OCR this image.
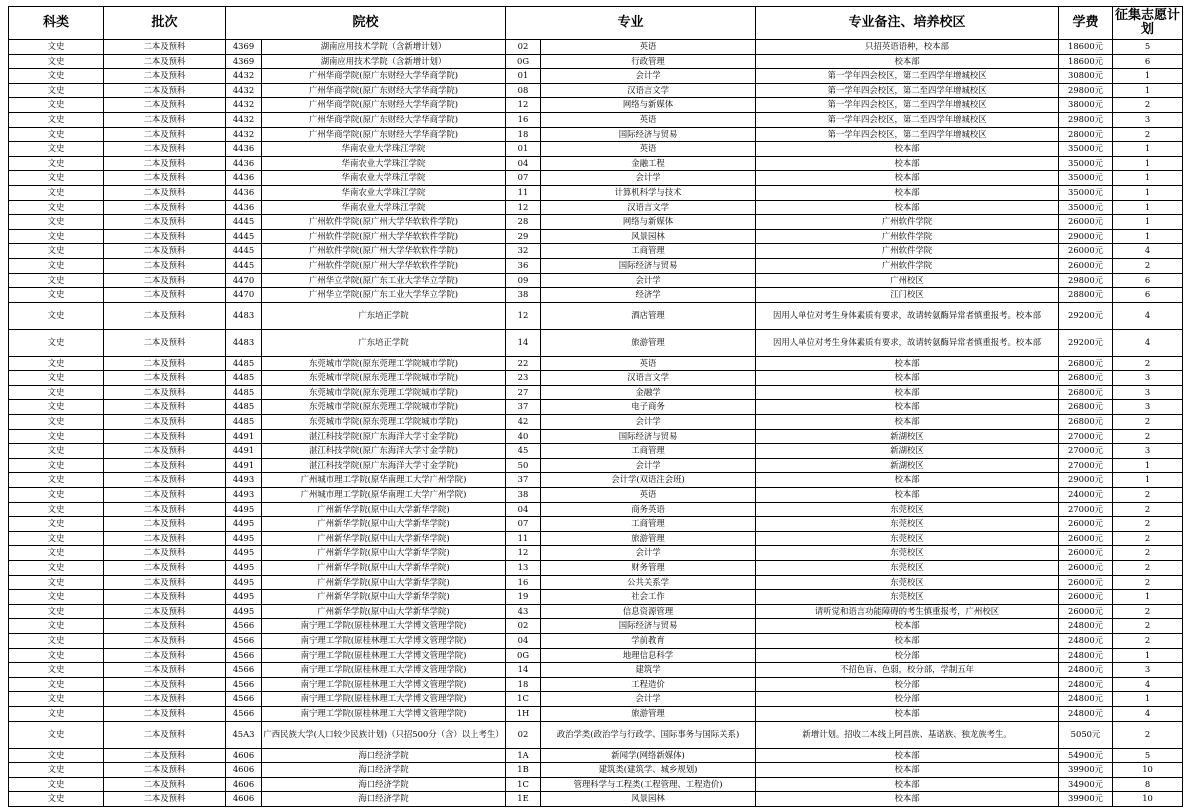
科类	批次	院校		专业		专业备注、培养校区	学费	征集志愿计划
文史	二本及预科	4369	湖南应用技术学院（含新增计划）	02	英语	只招英语语种，校本部	18600元	5
文史	二本及预科	4369	湖南应用技术学院（含新增计划）	0G	行政管理	校本部	18600元	6
文史	二本及预科	4432	广州华商学院(原广东财经大学华商学院)	01	会计学	第一学年四会校区，第二至四学年增城校区	30800元	1
文史	二本及预科	4432	广州华商学院(原广东财经大学华商学院)	08	汉语言文学	第一学年四会校区，第二至四学年增城校区	29800元	1
文史	二本及预科	4432	广州华商学院(原广东财经大学华商学院)	12	网络与新媒体	第一学年四会校区，第二至四学年增城校区	38000元	2
文史	二本及预科	4432	广州华商学院(原广东财经大学华商学院)	16	英语	第一学年四会校区，第二至四学年增城校区	29800元	3
文史	二本及预科	4432	广州华商学院(原广东财经大学华商学院)	18	国际经济与贸易	第一学年四会校区，第二至四学年增城校区	28000元	2
文史	二本及预科	4436	华南农业大学珠江学院	01	英语	校本部	35000元	1
文史	二本及预科	4436	华南农业大学珠江学院	04	金融工程	校本部	35000元	1
文史	二本及预科	4436	华南农业大学珠江学院	07	会计学	校本部	35000元	1
文史	二本及预科	4436	华南农业大学珠江学院	11	计算机科学与技术	校本部	35000元	1
文史	二本及预科	4436	华南农业大学珠江学院	12	汉语言文学	校本部	35000元	1
文史	二本及预科	4445	广州软件学院(原广州大学华软软件学院)	28	网络与新媒体	广州软件学院	26000元	1
文史	二本及预科	4445	广州软件学院(原广州大学华软软件学院)	29	风景园林	广州软件学院	29000元	1
文史	二本及预科	4445	广州软件学院(原广州大学华软软件学院)	32	工商管理	广州软件学院	26000元	4
文史	二本及预科	4445	广州软件学院(原广州大学华软软件学院)	36	国际经济与贸易	广州软件学院	26000元	2
文史	二本及预科	4470	广州华立学院(原广东工业大学华立学院)	09	会计学	广州校区	29800元	6
文史	二本及预科	4470	广州华立学院(原广东工业大学华立学院)	38	经济学	江门校区	28800元	6
文史	二本及预科	4483	广东培正学院	12	酒店管理	因用人单位对考生身体素质有要求，故请转氨酶异常者慎重报考。校本部	29200元	4
文史	二本及预科	4483	广东培正学院	14	旅游管理	因用人单位对考生身体素质有要求，故请转氨酶异常者慎重报考。校本部	29200元	4
文史	二本及预科	4485	东莞城市学院(原东莞理工学院城市学院)	22	英语	校本部	26800元	2
文史	二本及预科	4485	东莞城市学院(原东莞理工学院城市学院)	23	汉语言文学	校本部	26800元	3
文史	二本及预科	4485	东莞城市学院(原东莞理工学院城市学院)	27	金融学	校本部	26800元	3
文史	二本及预科	4485	东莞城市学院(原东莞理工学院城市学院)	37	电子商务	校本部	26800元	3
文史	二本及预科	4485	东莞城市学院(原东莞理工学院城市学院)	42	会计学	校本部	26800元	2
文史	二本及预科	4491	湛江科技学院(原广东海洋大学寸金学院)	40	国际经济与贸易	新湖校区	27000元	2
文史	二本及预科	4491	湛江科技学院(原广东海洋大学寸金学院)	45	工商管理	新湖校区	27000元	3
文史	二本及预科	4491	湛江科技学院(原广东海洋大学寸金学院)	50	会计学	新湖校区	27000元	1
文史	二本及预科	4493	广州城市理工学院(原华南理工大学广州学院)	37	会计学(双语注会班)	校本部	29000元	1
文史	二本及预科	4493	广州城市理工学院(原华南理工大学广州学院)	38	英语	校本部	24000元	2
文史	二本及预科	4495	广州新华学院(原中山大学新华学院)	04	商务英语	东莞校区	27000元	2
文史	二本及预科	4495	广州新华学院(原中山大学新华学院)	07	工商管理	东莞校区	26000元	2
文史	二本及预科	4495	广州新华学院(原中山大学新华学院)	11	旅游管理	东莞校区	26000元	2
文史	二本及预科	4495	广州新华学院(原中山大学新华学院)	12	会计学	东莞校区	26000元	2
文史	二本及预科	4495	广州新华学院(原中山大学新华学院)	13	财务管理	东莞校区	26000元	2
文史	二本及预科	4495	广州新华学院(原中山大学新华学院)	16	公共关系学	东莞校区	26000元	2
文史	二本及预科	4495	广州新华学院(原中山大学新华学院)	19	社会工作	东莞校区	26000元	1
文史	二本及预科	4495	广州新华学院(原中山大学新华学院)	43	信息资源管理	请听觉和语言功能障碍的考生慎重报考，广州校区	26000元	2
文史	二本及预科	4566	南宁理工学院(原桂林理工大学博文管理学院)	02	国际经济与贸易	校本部	24800元	2
文史	二本及预科	4566	南宁理工学院(原桂林理工大学博文管理学院)	04	学前教育	校本部	24800元	2
文史	二本及预科	4566	南宁理工学院(原桂林理工大学博文管理学院)	0G	地理信息科学	校分部	24800元	1
文史	二本及预科	4566	南宁理工学院(原桂林理工大学博文管理学院)	14	建筑学	不招色盲、色弱，校分部，学制五年	24800元	3
文史	二本及预科	4566	南宁理工学院(原桂林理工大学博文管理学院)	18	工程造价	校分部	24800元	4
文史	二本及预科	4566	南宁理工学院(原桂林理工大学博文管理学院)	1C	会计学	校分部	24800元	1
文史	二本及预科	4566	南宁理工学院(原桂林理工大学博文管理学院)	1H	旅游管理	校本部	24800元	4
文史	二本及预科	45A3	广西民族大学(人口较少民族计划)（只招500分（含）以上考生）	02	政治学类(政治学与行政学、国际事务与国际关系)	新增计划。招收二本线上阿昌族、基诺族、独龙族考生。	5050元	2
文史	二本及预科	4606	海口经济学院	1A	新闻学(网络新媒体)	校本部	54900元	5
文史	二本及预科	4606	海口经济学院	1B	建筑类(建筑学、城乡规划)	校本部	39900元	10
文史	二本及预科	4606	海口经济学院	1C	管理科学与工程类(工程管理、工程造价)	校本部	34900元	8
文史	二本及预科	4606	海口经济学院	1E	风景园林	校本部	39900元	10
